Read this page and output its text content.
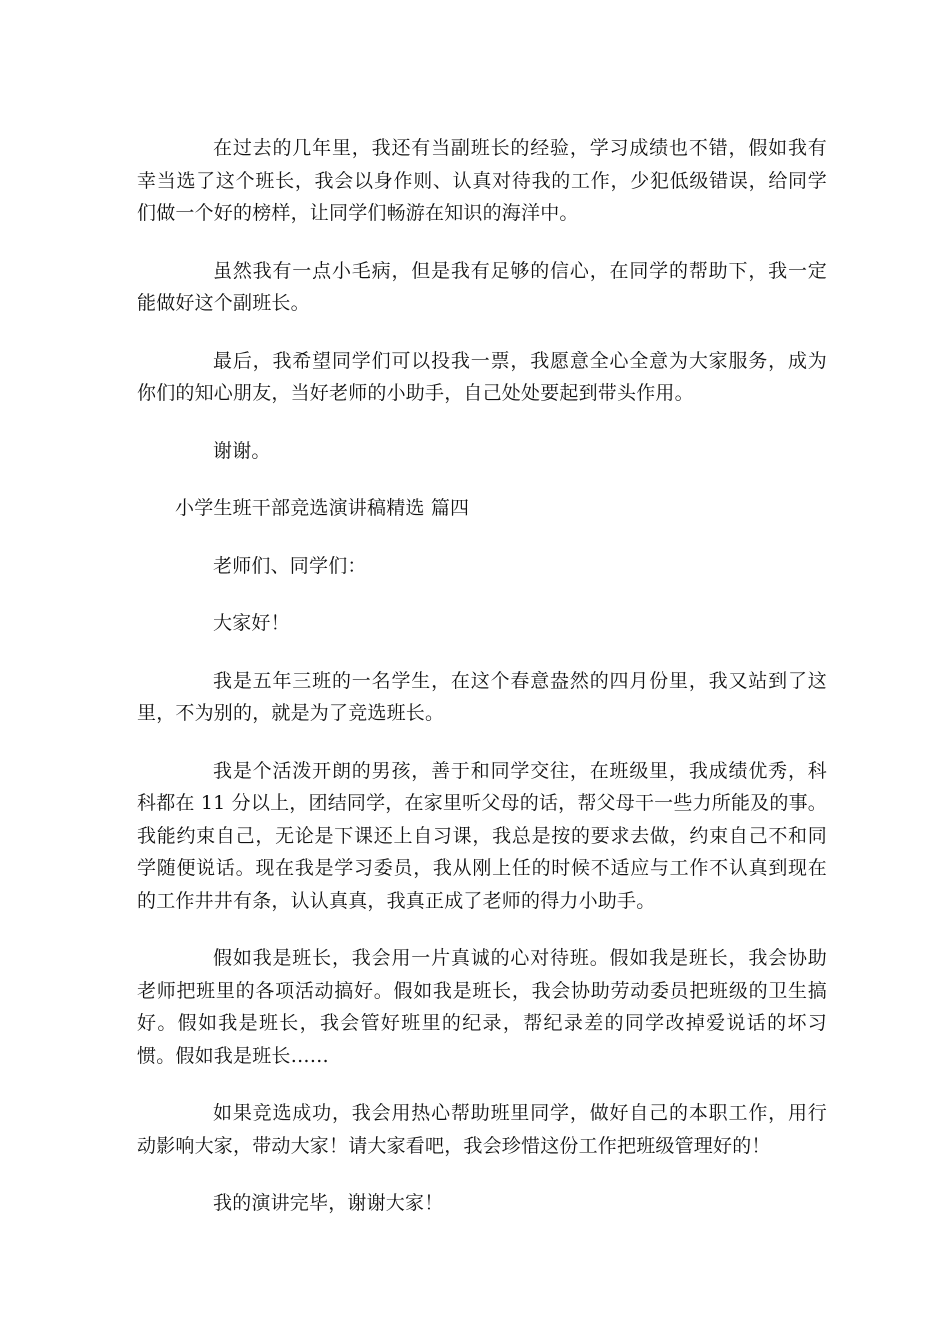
在过去的几年里，我还有当副班长的经验，学习成绩也不错，假如我有幸当选了这个班长，我会以身作则、认真对待我的工作，少犯低级错误，给同学们做一个好的榜样，让同学们畅游在知识的海洋中。

虽然我有一点小毛病，但是我有足够的信心，在同学的帮助下，我一定能做好这个副班长。

最后，我希望同学们可以投我一票，我愿意全心全意为大家服务，成为你们的知心朋友，当好老师的小助手，自己处处要起到带头作用。

谢谢。

小学生班干部竞选演讲稿精选 篇四

老师们、同学们：

大家好！

我是五年三班的一名学生，在这个春意盎然的四月份里，我又站到了这里，不为别的，就是为了竞选班长。

我是个活泼开朗的男孩，善于和同学交往，在班级里，我成绩优秀，科科都在 11 分以上，团结同学，在家里听父母的话，帮父母干一些力所能及的事。我能约束自己，无论是下课还上自习课，我总是按的要求去做，约束自己不和同学随便说话。现在我是学习委员，我从刚上任的时候不适应与工作不认真到现在的工作井井有条，认认真真，我真正成了老师的得力小助手。

假如我是班长，我会用一片真诚的心对待班。假如我是班长，我会协助老师把班里的各项活动搞好。假如我是班长，我会协助劳动委员把班级的卫生搞好。假如我是班长，我会管好班里的纪录，帮纪录差的同学改掉爱说话的坏习惯。假如我是班长……

如果竞选成功，我会用热心帮助班里同学，做好自己的本职工作，用行动影响大家，带动大家！请大家看吧，我会珍惜这份工作把班级管理好的！

我的演讲完毕，谢谢大家！
